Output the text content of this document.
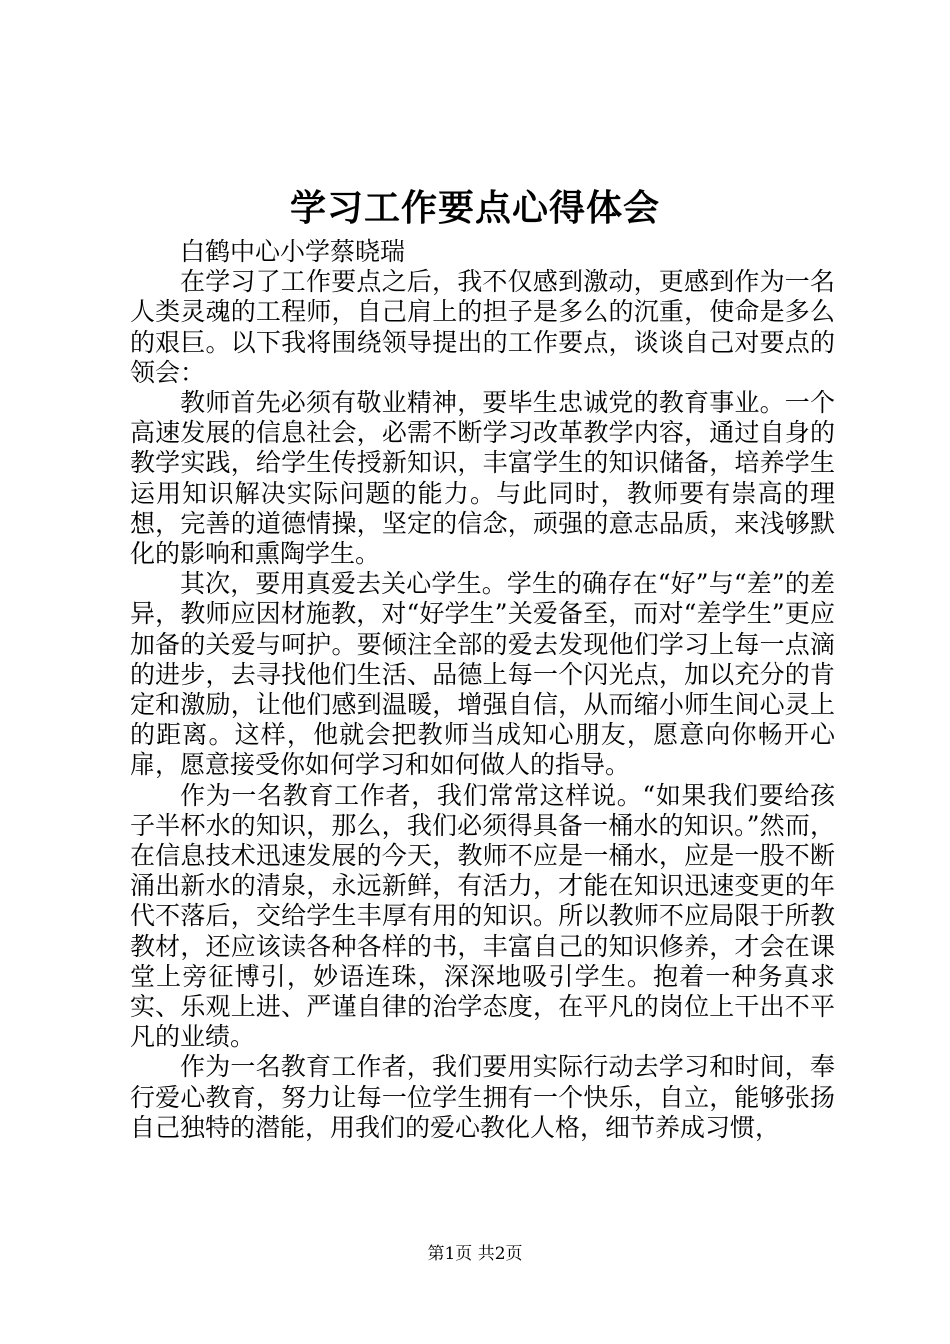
学习工作要点心得体会

白鹤中心小学蔡晓瑞

在学习了工作要点之后，我不仅感到激动，更感到作为一名人类灵魂的工程师，自己肩上的担子是多么的沉重，使命是多么的艰巨。以下我将围绕领导提出的工作要点，谈谈自己对要点的领会：

教师首先必须有敬业精神，要毕生忠诚党的教育事业。一个高速发展的信息社会，必需不断学习改革教学内容，通过自身的教学实践，给学生传授新知识，丰富学生的知识储备，培养学生运用知识解决实际问题的能力。与此同时，教师要有崇高的理想，完善的道德情操，坚定的信念，顽强的意志品质，来浅够默化的影响和熏陶学生。

其次，要用真爱去关心学生。学生的确存在“好”与“差”的差异，教师应因材施教，对“好学生”关爱备至，而对“差学生”更应加备的关爱与呵护。要倾注全部的爱去发现他们学习上每一点滴的进步，去寻找他们生活、品德上每一个闪光点，加以充分的肯定和激励，让他们感到温暖，增强自信，从而缩小师生间心灵上的距离。这样，他就会把教师当成知心朋友，愿意向你畅开心扉，愿意接受你如何学习和如何做人的指导。

作为一名教育工作者，我们常常这样说。“如果我们要给孩子半杯水的知识，那么，我们必须得具备一桶水的知识。”然而，在信息技术迅速发展的今天，教师不应是一桶水，应是一股不断涌出新水的清泉，永远新鲜，有活力，才能在知识迅速变更的年代不落后，交给学生丰厚有用的知识。所以教师不应局限于所教教材，还应该读各种各样的书，丰富自己的知识修养，才会在课堂上旁征博引，妙语连珠，深深地吸引学生。抱着一种务真求实、乐观上进、严谨自律的治学态度，在平凡的岗位上干出不平凡的业绩。

作为一名教育工作者，我们要用实际行动去学习和时间，奉行爱心教育，努力让每一位学生拥有一个快乐，自立，能够张扬自己独特的潜能，用我们的爱心教化人格，细节养成习惯，

第1页 共2页
